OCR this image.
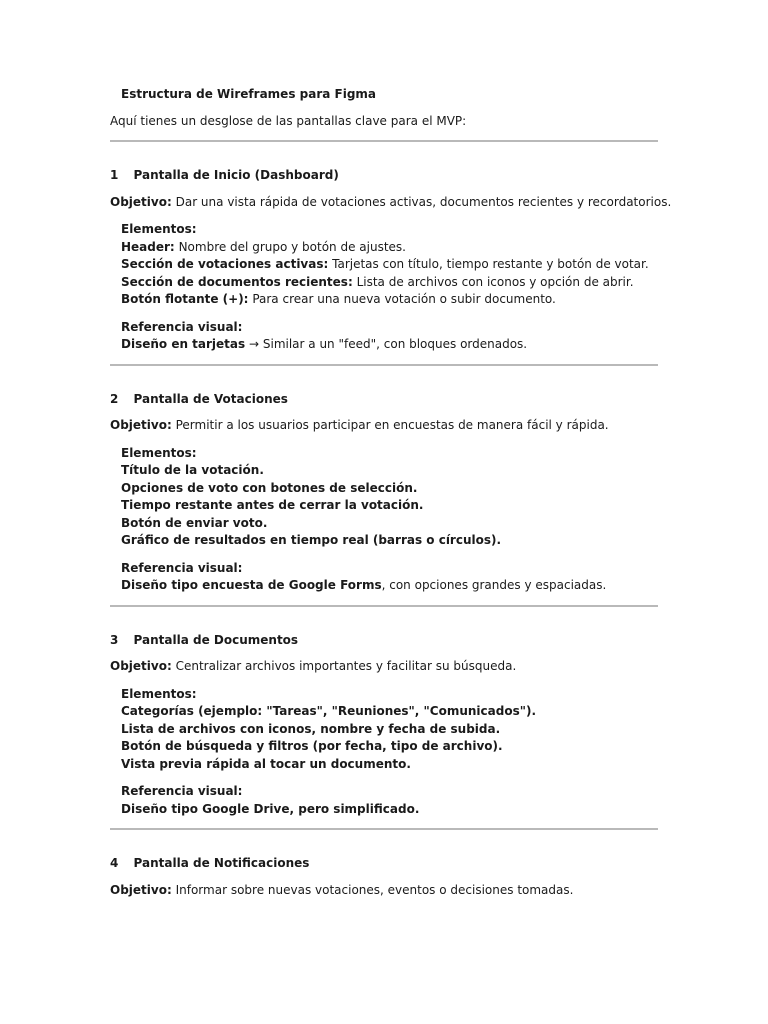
Estructura de Wireframes para Figma

Aquí tienes un desglose de las pantallas clave para el MVP:

1 Pantalla de Inicio (Dashboard)

Objetivo: Dar una vista rápida de votaciones activas, documentos recientes y recordatorios.

Elementos:

Header: Nombre del grupo y botón de ajustes.

Sección de votaciones activas: Tarjetas con título, tiempo restante y botón de votar.

Sección de documentos recientes: Lista de archivos con iconos y opción de abrir.

Botón flotante (+): Para crear una nueva votación o subir documento.

Referencia visual:

Diseño en tarjetas → Similar a un "feed", con bloques ordenados.

2 Pantalla de Votaciones

Objetivo: Permitir a los usuarios participar en encuestas de manera fácil y rápida.

Elementos:

Título de la votación.

Opciones de voto con botones de selección.

Tiempo restante antes de cerrar la votación.

Botón de enviar voto.

Gráfico de resultados en tiempo real (barras o círculos).

Referencia visual:

Diseño tipo encuesta de Google Forms, con opciones grandes y espaciadas.

3 Pantalla de Documentos

Objetivo: Centralizar archivos importantes y facilitar su búsqueda.

Elementos:

Categorías (ejemplo: "Tareas", "Reuniones", "Comunicados").

Lista de archivos con iconos, nombre y fecha de subida.

Botón de búsqueda y filtros (por fecha, tipo de archivo).

Vista previa rápida al tocar un documento.

Referencia visual:

Diseño tipo Google Drive, pero simplificado.

4 Pantalla de Notificaciones

Objetivo: Informar sobre nuevas votaciones, eventos o decisiones tomadas.
